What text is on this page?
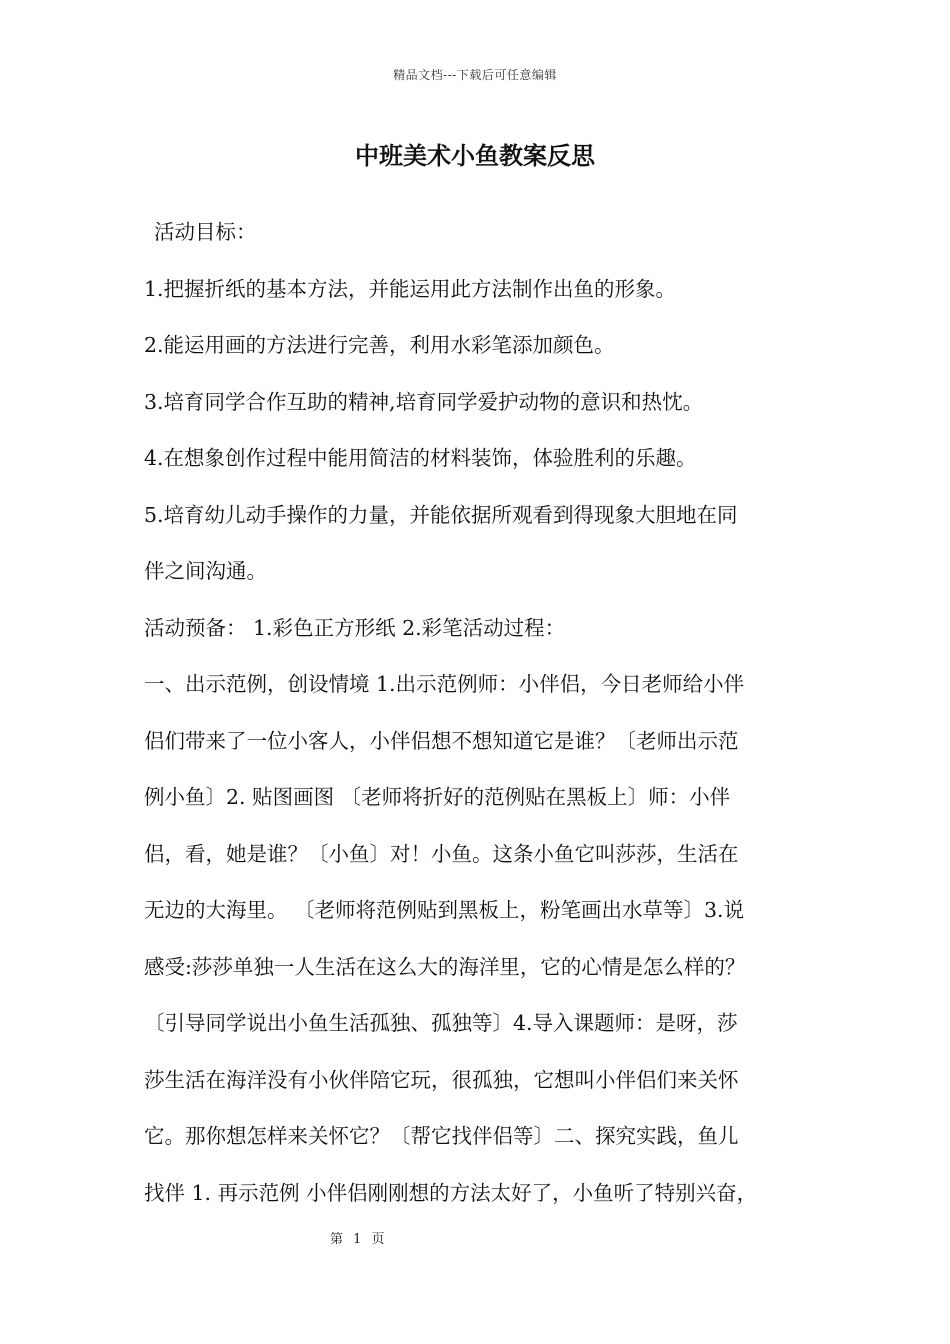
精品文档---下载后可任意编辑
中班美术小鱼教案反思
活动目标：
1.把握折纸的基本方法，并能运用此方法制作出鱼的形象。
2.能运用画的方法进行完善，利用水彩笔添加颜色。
3.培育同学合作互助的精神,培育同学爱护动物的意识和热忱。
4.在想象创作过程中能用简洁的材料装饰，体验胜利的乐趣。
5.培育幼儿动手操作的力量，并能依据所观看到得现象大胆地在同
伴之间沟通。
活动预备： 1.彩色正方形纸 2.彩笔活动过程：
一、出示范例，创设情境 1.出示范例师：小伴侣，今日老师给小伴
侣们带来了一位小客人，小伴侣想不想知道它是谁？〔老师出示范
例小鱼〕2. 贴图画图 〔老师将折好的范例贴在黑板上〕师：小伴
侣，看，她是谁？〔小鱼〕对！小鱼。这条小鱼它叫莎莎，生活在
无边的大海里。 〔老师将范例贴到黑板上，粉笔画出水草等〕3.说
感受:莎莎单独一人生活在这么大的海洋里，它的心情是怎么样的？
〔引导同学说出小鱼生活孤独、孤独等〕4.导入课题师：是呀，莎
莎生活在海洋没有小伙伴陪它玩，很孤独，它想叫小伴侣们来关怀
它。那你想怎样来关怀它？〔帮它找伴侣等〕二、探究实践，鱼儿
找伴 1. 再示范例 小伴侣刚刚想的方法太好了，小鱼听了特别兴奋，
第 1 页
